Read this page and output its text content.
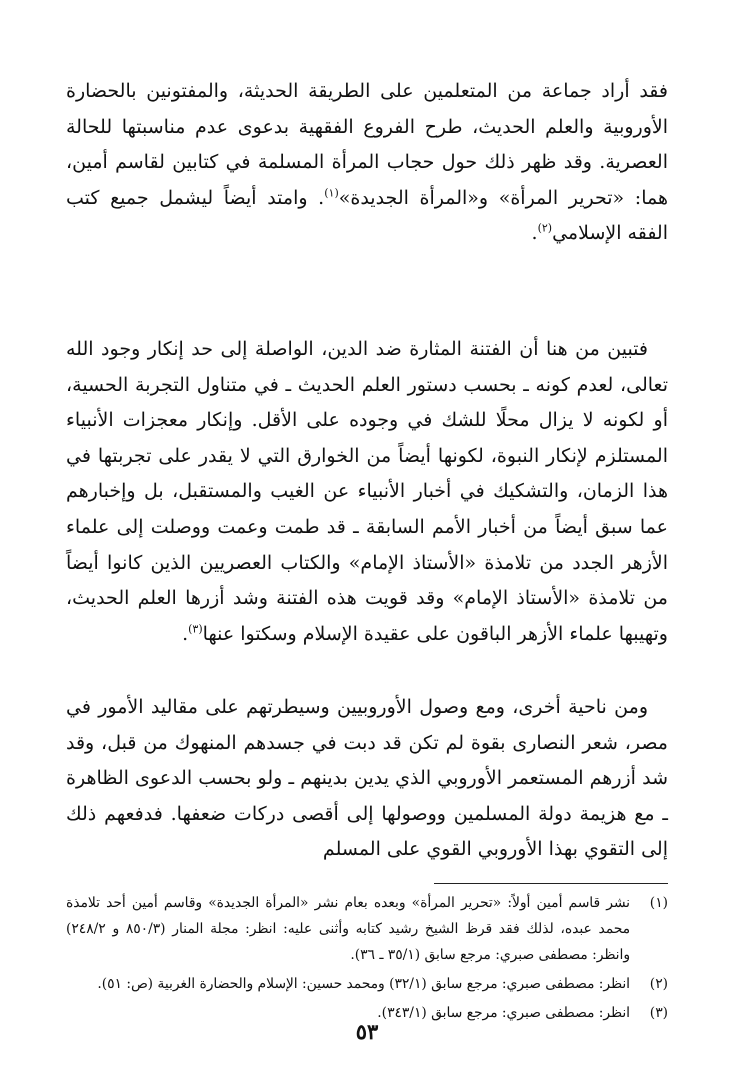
فقد أراد جماعة من المتعلمين على الطريقة الحديثة، والمفتونين بالحضارة الأوروبية والعلم الحديث، طرح الفروع الفقهية بدعوى عدم مناسبتها للحالة العصرية. وقد ظهر ذلك حول حجاب المرأة المسلمة في كتابين لقاسم أمين، هما: «تحرير المرأة» و«المرأة الجديدة»$^{(١)}$. وامتد أيضاً ليشمل جميع كتب الفقه الإسلامي$^{(٢)}$.

فتبين من هنا أن الفتنة المثارة ضد الدين، الواصلة إلى حد إنكار وجود الله تعالى، لعدم كونه ـ بحسب دستور العلم الحديث ـ في متناول التجربة الحسية، أو لكونه لا يزال محلًا للشك في وجوده على الأقل. وإنكار معجزات الأنبياء المستلزم لإنكار النبوة، لكونها أيضاً من الخوارق التي لا يقدر على تجربتها في هذا الزمان، والتشكيك في أخبار الأنبياء عن الغيب والمستقبل، بل وإخبارهم عما سبق أيضاً من أخبار الأمم السابقة ـ قد طمت وعمت ووصلت إلى علماء الأزهر الجدد من تلامذة «الأستاذ الإمام» والكتاب العصريين الذين كانوا أيضاً من تلامذة «الأستاذ الإمام» وقد قويت هذه الفتنة وشد أزرها العلم الحديث، وتهيبها علماء الأزهر الباقون على عقيدة الإسلام وسكتوا عنها$^{(٣)}$.

ومن ناحية أخرى، ومع وصول الأوروبيين وسيطرتهم على مقاليد الأمور في مصر، شعر النصارى بقوة لم تكن قد دبت في جسدهم المنهوك من قبل، وقد شد أزرهم المستعمر الأوروبي الذي يدين بدينهم ـ ولو بحسب الدعوى الظاهرة ـ مع هزيمة دولة المسلمين ووصولها إلى أقصى دركات ضعفها. فدفعهم ذلك إلى التقوي بهذا الأوروبي القوي على المسلم

(١)
نشر قاسم أمين أولاً: «تحرير المرأة» وبعده بعام نشر «المرأة الجديدة» وقاسم أمين أحد تلامذة محمد عبده، لذلك فقد قرظ الشيخ رشيد كتابه وأثنى عليه: انظر: مجلة المنار (٨٥٠/٣ و ٢٤٨/٢) وانظر: مصطفى صبري: مرجع سابق (٣٥/١ ـ ٣٦).
(٢)
انظر: مصطفى صبري: مرجع سابق (٣٢/١) ومحمد حسين: الإسلام والحضارة الغربية (ص: ٥١).
(٣)
انظر: مصطفى صبري: مرجع سابق (٣٤٣/١).
٥٣
